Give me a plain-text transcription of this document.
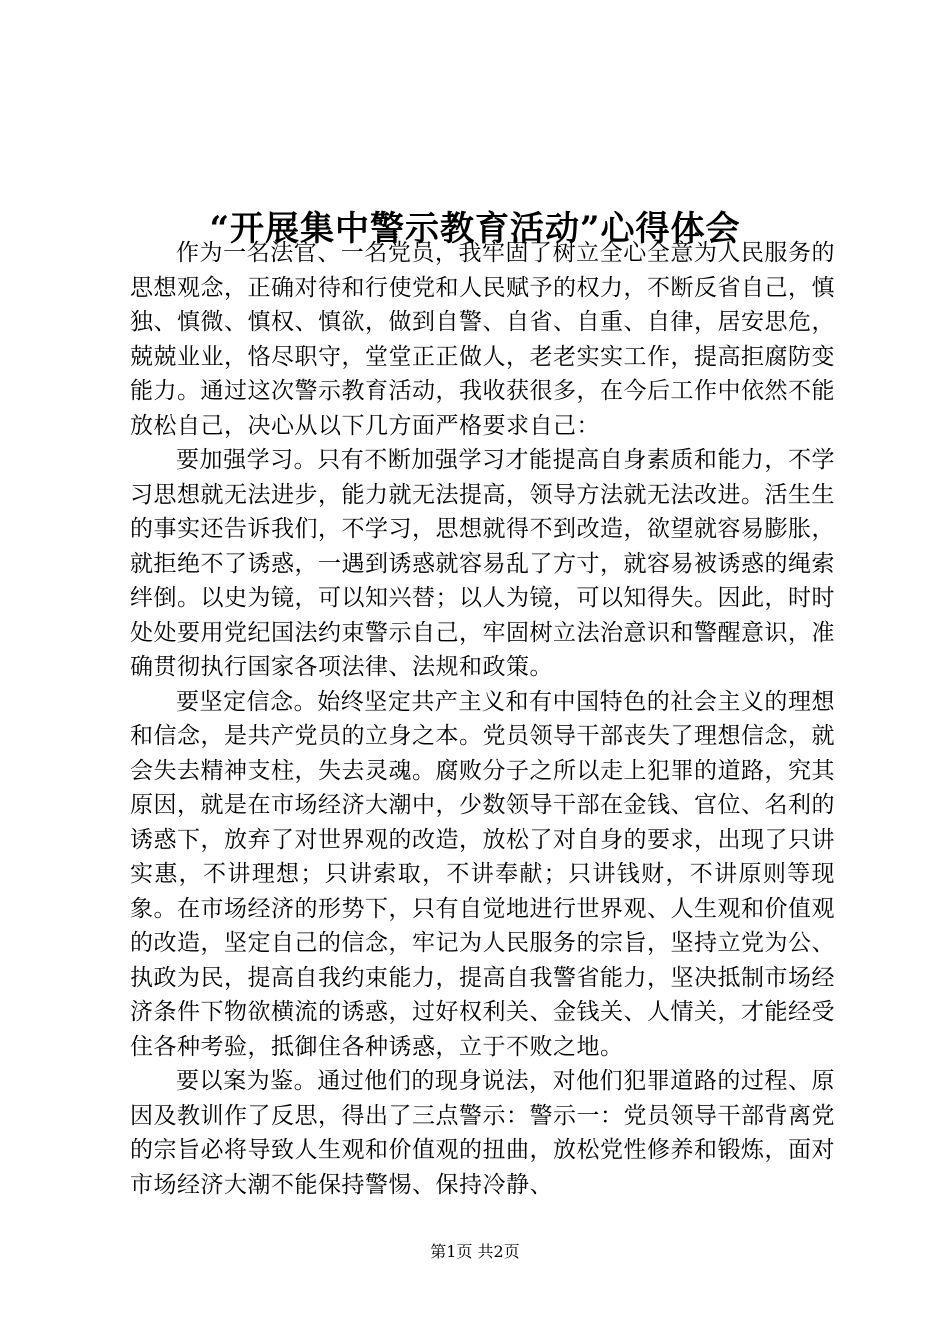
“开展集中警示教育活动”心得体会

作为一名法官、一名党员，我牢固了树立全心全意为人民服务的思想观念，正确对待和行使党和人民赋予的权力，不断反省自己，慎独、慎微、慎权、慎欲，做到自警、自省、自重、自律，居安思危，兢兢业业，恪尽职守，堂堂正正做人，老老实实工作，提高拒腐防变能力。通过这次警示教育活动，我收获很多，在今后工作中依然不能放松自己，决心从以下几方面严格要求自己：

要加强学习。只有不断加强学习才能提高自身素质和能力，不学习思想就无法进步，能力就无法提高，领导方法就无法改进。活生生的事实还告诉我们，不学习，思想就得不到改造，欲望就容易膨胀，就拒绝不了诱惑，一遇到诱惑就容易乱了方寸，就容易被诱惑的绳索绊倒。以史为镜，可以知兴替；以人为镜，可以知得失。因此，时时处处要用党纪国法约束警示自己，牢固树立法治意识和警醒意识，准确贯彻执行国家各项法律、法规和政策。

要坚定信念。始终坚定共产主义和有中国特色的社会主义的理想和信念，是共产党员的立身之本。党员领导干部丧失了理想信念，就会失去精神支柱，失去灵魂。腐败分子之所以走上犯罪的道路，究其原因，就是在市场经济大潮中，少数领导干部在金钱、官位、名利的诱惑下，放弃了对世界观的改造，放松了对自身的要求，出现了只讲实惠，不讲理想；只讲索取，不讲奉献；只讲钱财，不讲原则等现象。在市场经济的形势下，只有自觉地进行世界观、人生观和价值观的改造，坚定自己的信念，牢记为人民服务的宗旨，坚持立党为公、执政为民，提高自我约束能力，提高自我警省能力，坚决抵制市场经济条件下物欲横流的诱惑，过好权利关、金钱关、人情关，才能经受住各种考验，抵御住各种诱惑，立于不败之地。

要以案为鉴。通过他们的现身说法，对他们犯罪道路的过程、原因及教训作了反思，得出了三点警示：警示一：党员领导干部背离党的宗旨必将导致人生观和价值观的扭曲，放松党性修养和锻炼，面对市场经济大潮不能保持警惕、保持冷静、

第1页 共2页
